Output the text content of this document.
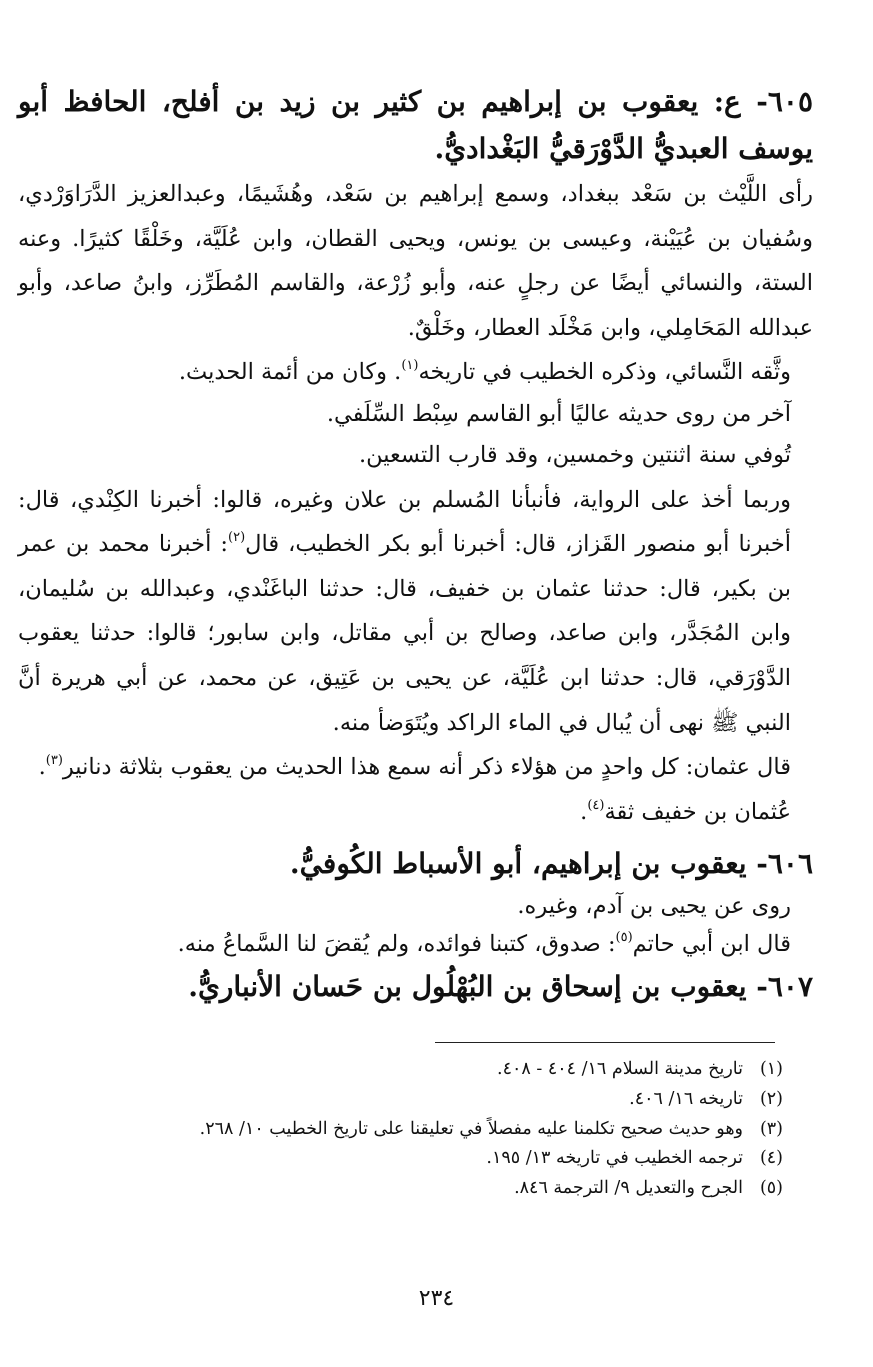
٦٠٥- ع: يعقوب بن إبراهيم بن كثير بن زيد بن أفلح، الحافظ أبو يوسف العبديُّ الدَّوْرَقيُّ البَغْداديُّ.

رأى اللَّيْث بن سَعْد ببغداد، وسمع إبراهيم بن سَعْد، وهُشَيمًا، وعبدالعزيز الدَّرَاوَرْدي، وسُفيان بن عُيَيْنة، وعيسى بن يونس، ويحيى القطان، وابن عُلَيَّة، وخَلْقًا كثيرًا. وعنه الستة، والنسائي أيضًا عن رجلٍ عنه، وأبو زُرْعة، والقاسم المُطَرِّز، وابنُ صاعد، وأبو عبدالله المَحَامِلي، وابن مَخْلَد العطار، وخَلْقٌ.

وثَّقه النَّسائي، وذكره الخطيب في تاريخه$^{(١)}$. وكان من أئمة الحديث.

آخر من روى حديثه عاليًا أبو القاسم سِبْط السِّلَفي.

تُوفي سنة اثنتين وخمسين، وقد قارب التسعين.

وربما أخذ على الرواية، فأنبأنا المُسلم بن علان وغيره، قالوا: أخبرنا الكِنْدي، قال: أخبرنا أبو منصور القَزاز، قال: أخبرنا أبو بكر الخطيب، قال$^{(٢)}$: أخبرنا محمد بن عمر بن بكير، قال: حدثنا عثمان بن خفيف، قال: حدثنا الباغَنْدي، وعبدالله بن سُليمان، وابن المُجَدَّر، وابن صاعد، وصالح بن أبي مقاتل، وابن سابور؛ قالوا: حدثنا يعقوب الدَّوْرَقي، قال: حدثنا ابن عُلَيَّة، عن يحيى بن عَتِيق، عن محمد، عن أبي هريرة أنَّ النبي ﷺ نهى أن يُبال في الماء الراكد ويُتَوَضأ منه.

قال عثمان: كل واحدٍ من هؤلاء ذكر أنه سمع هذا الحديث من يعقوب بثلاثة دنانير$^{(٣)}$.

عُثمان بن خفيف ثقة$^{(٤)}$.

٦٠٦- يعقوب بن إبراهيم، أبو الأسباط الكُوفيُّ.

روى عن يحيى بن آدم، وغيره.

قال ابن أبي حاتم$^{(٥)}$: صدوق، كتبنا فوائده، ولم يُقضَ لنا السَّماعُ منه.

٦٠٧- يعقوب بن إسحاق بن البُهْلُول بن حَسان الأنباريُّ.

(١)تاريخ مدينة السلام ١٦/ ٤٠٤ - ٤٠٨.
(٢)تاريخه ١٦/ ٤٠٦.
(٣)وهو حديث صحيح تكلمنا عليه مفصلاً في تعليقنا على تاريخ الخطيب ١٠/ ٢٦٨.
(٤)ترجمه الخطيب في تاريخه ١٣/ ١٩٥.
(٥)الجرح والتعديل ٩/ الترجمة ٨٤٦.
٢٣٤
